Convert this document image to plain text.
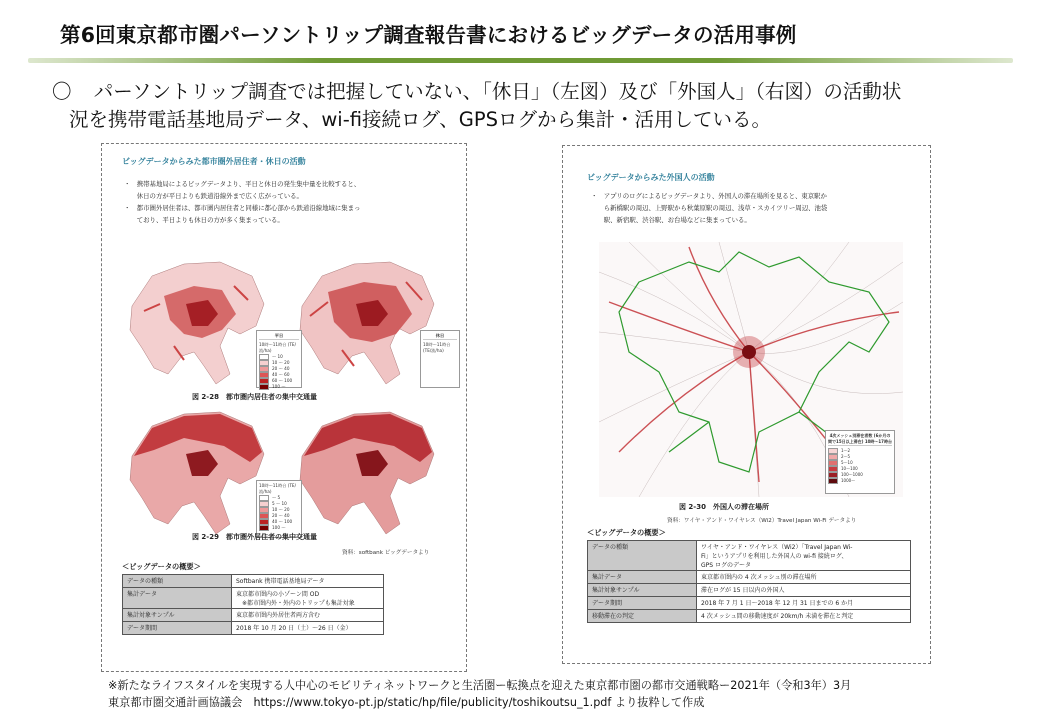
第6回東京都市圏パーソントリップ調査報告書におけるビッグデータの活用事例
〇 パーソントリップ調査では把握していない、「休日」（左図）及び「外国人」（右図）の活動状
況を携帯電話基地局データ、wi-fi接続ログ、GPSログから集計・活用している。
ビッグデータからみた都市圏外居住者・休日の活動
・　携帯基地局によるビッグデータより、平日と休日の発生集中量を比較すると、
　　休日の方が平日よりも鉄道沿線外まで広く広がっている。
・　都市圏外居住者は、都市圏内居住者と同様に都心部から鉄道沿線地域に集まっ
　　ており、平日よりも休日の方が多く集まっている。
平日
10時～11時台 (TE/流/ha)
～ 10
10 ～ 20
20 ～ 40
40 ～ 60
60 ～ 100
100 ～
休日
10時～11時台 (TE/流/ha)
図 2-28　都市圏内居住者の集中交通量
10時～11時台 (TE/流/ha)
～ 5
5 ～ 10
10 ～ 20
20 ～ 40
40 ～ 100
100 ～
図 2-29　都市圏外居住者の集中交通量
資料：softbank ビッグデータより
＜ビッグデータの概要＞
データの種類	Softbank 携帯電話基地局データ
集計データ	東京都市圏内の小ゾーン間 OD
　※都市圏内外・外内のトリップも集計対象
集計対象サンプル	東京都市圏内外居住者両方含む
データ期間	2018 年 10 月 20 日（土）～26 日（金）
ビッグデータからみた外国人の活動
・　アプリのログによるビッグデータより、外国人の滞在場所を見ると、東京駅か
　　ら新橋駅の周辺、上野駅から秋葉原駅の周辺、浅草・スカイツリー周辺、池袋
　　駅、新宿駅、渋谷駅、お台場などに集まっている。
4次メッシュ別滞在者数 (6か月の間で15日以上滞在) 10時～17時台
1～2
2～5
5～10
10～100
100～1000
1000～
図 2-30　外国人の滞在場所
資料：ワイヤ・アンド・ワイヤレス（Wi2）Travel Japan Wi-Fi データより
＜ビッグデータの概要＞
データの種類	ワイヤ・アンド・ワイヤレス（Wi2）「Travel Japan Wi-
Fi」というアプリを利用した外国人の wi-fi 接続ログ、
GPS ログのデータ
集計データ	東京都市圏内の 4 次メッシュ別の滞在場所
集計対象サンプル	滞在ログが 15 日以内の外国人
データ期間	2018 年 7 月 1 日～2018 年 12 月 31 日までの 6 か月
移動滞在の判定	4 次メッシュ間の移動速度が 20km/h 未満を滞在と判定
※新たなライフスタイルを実現する人中心のモビリティネットワークと生活圏ー転換点を迎えた東京都市圏の都市交通戦略ー2021年（令和3年）3月
東京都市圏交通計画協議会　https://www.tokyo-pt.jp/static/hp/file/publicity/toshikoutsu_1.pdf より抜粋して作成
